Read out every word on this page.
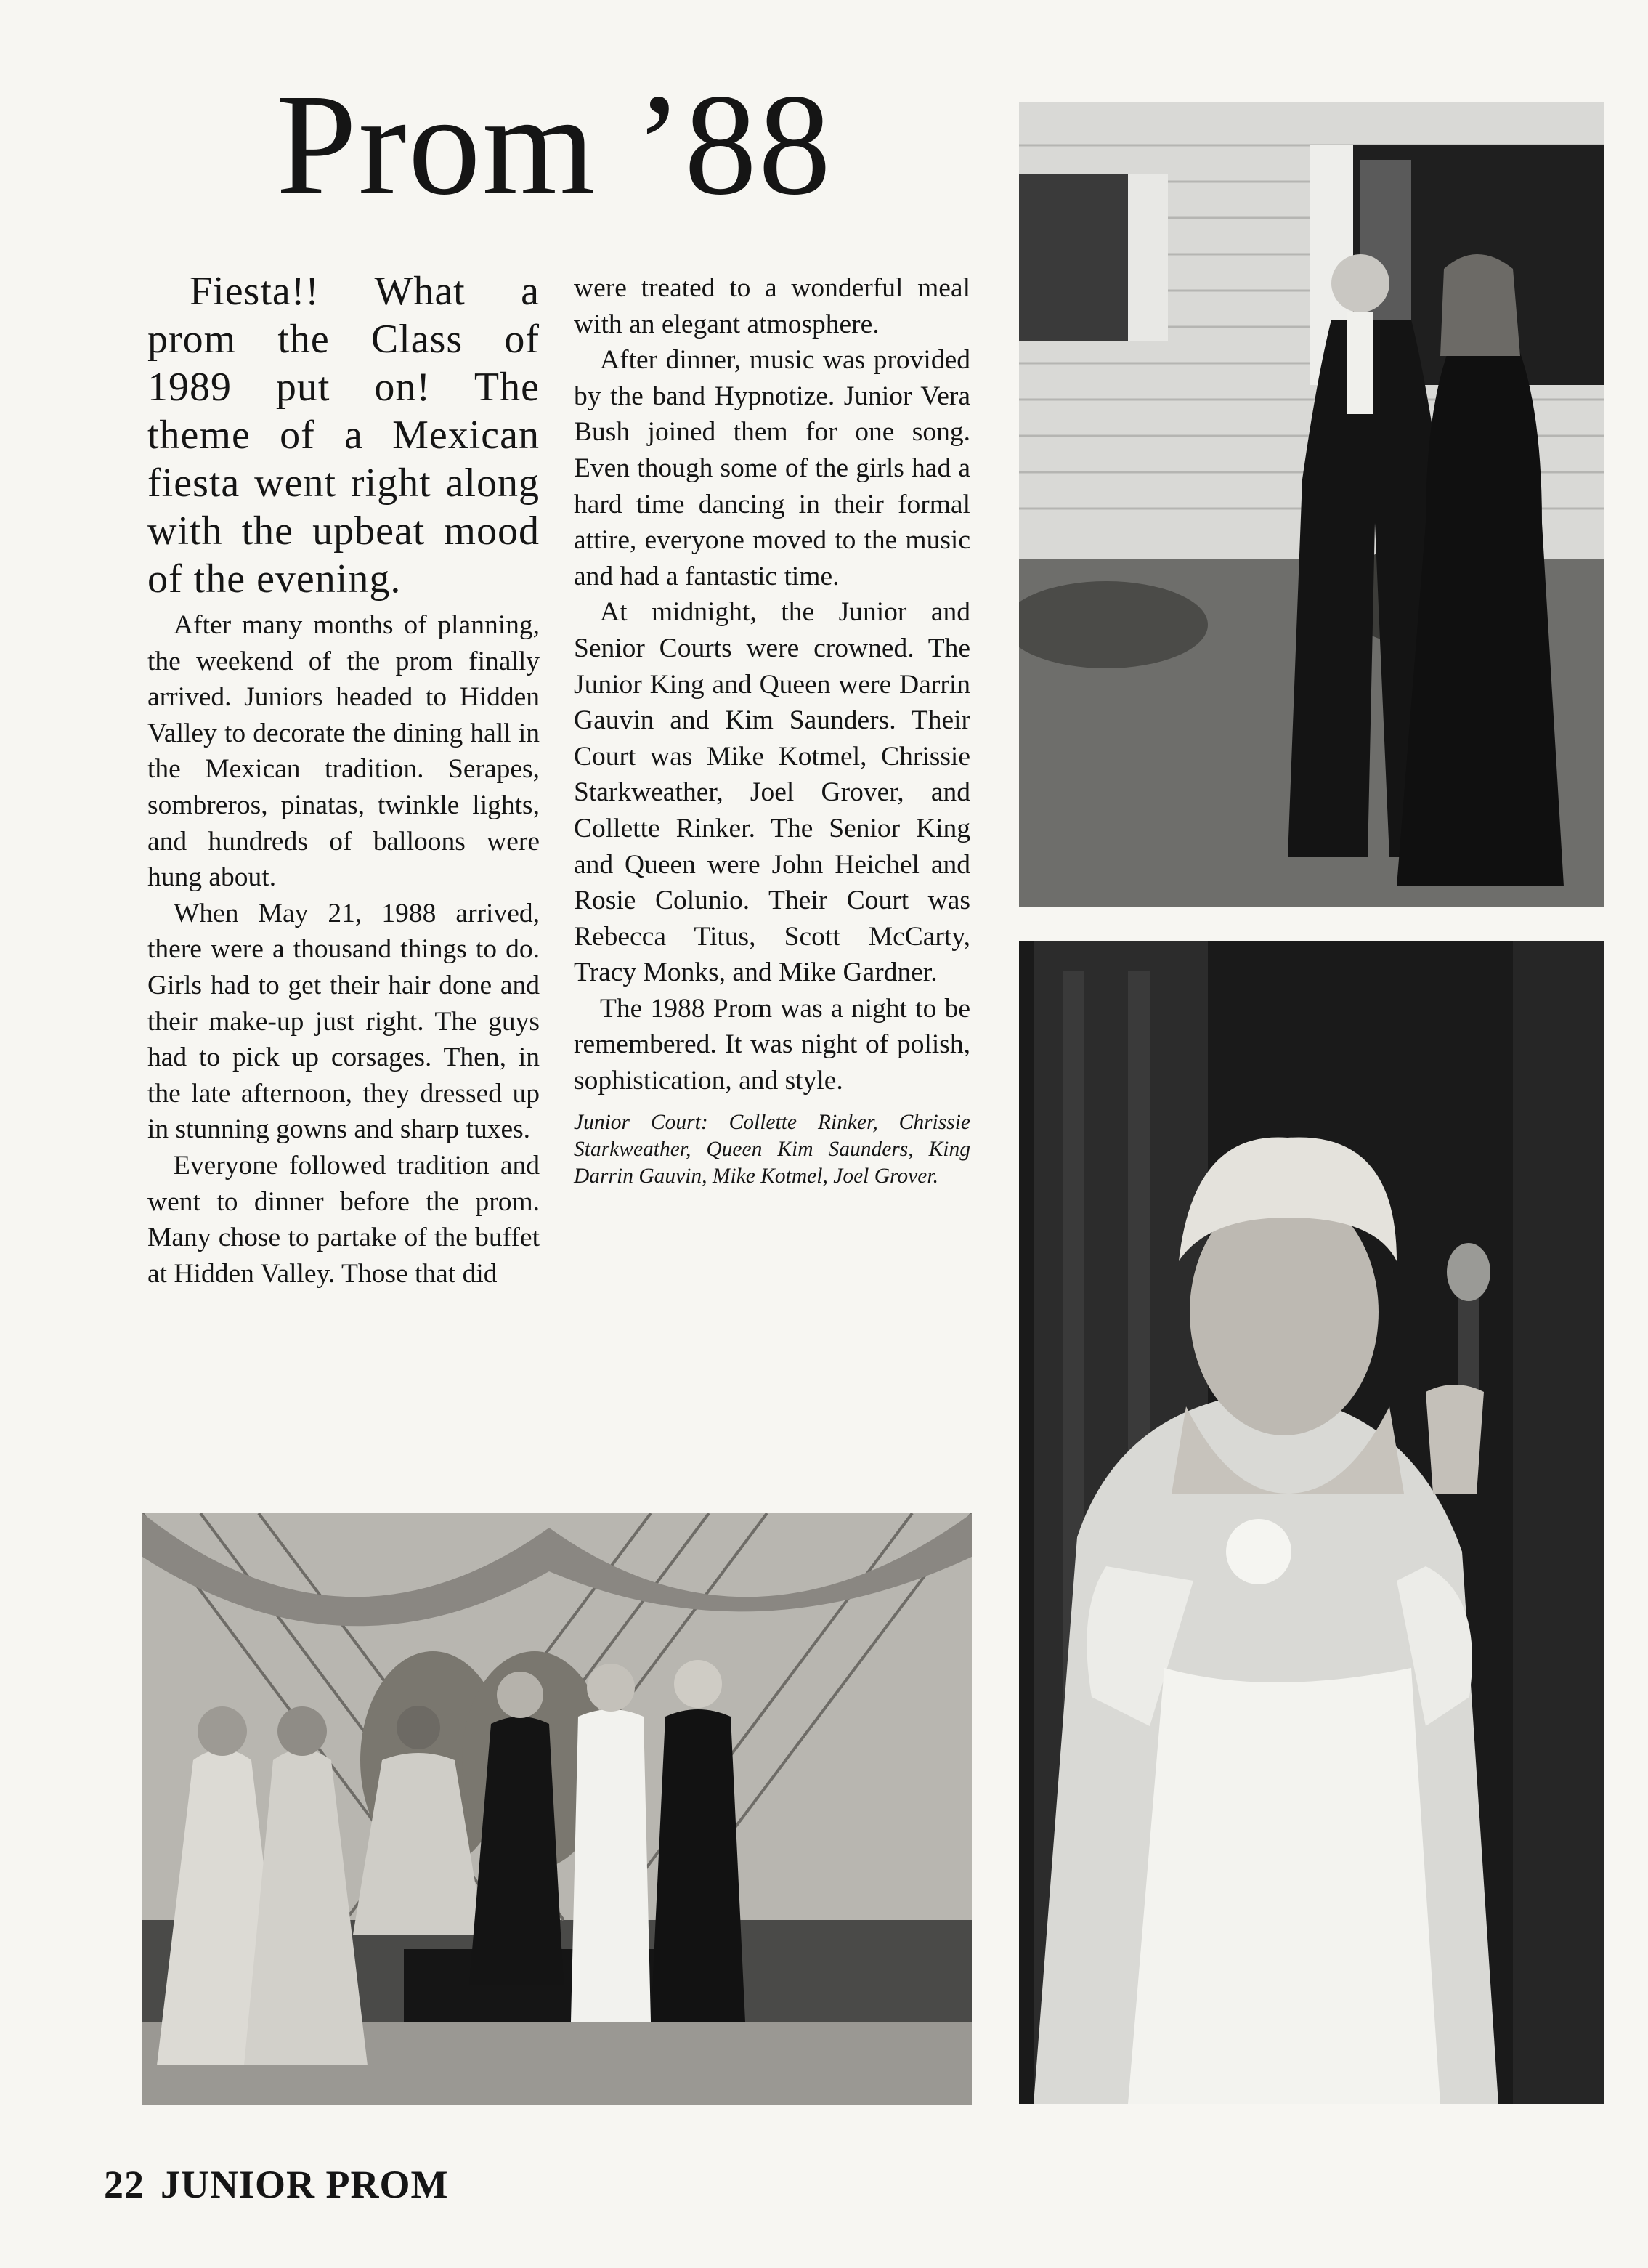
Prom ’88

Fiesta!! What a prom the Class of 1989 put on! The theme of a Mexican fiesta went right along with the upbeat mood of the evening.

After many months of planning, the weekend of the prom finally arrived. Juniors headed to Hidden Valley to decorate the dining hall in the Mexican tradition. Serapes, sombreros, pinatas, twinkle lights, and hundreds of balloons were hung about.

When May 21, 1988 arrived, there were a thousand things to do. Girls had to get their hair done and their make-up just right. The guys had to pick up corsages. Then, in the late afternoon, they dressed up in stunning gowns and sharp tuxes.

Everyone followed tradition and went to dinner before the prom. Many chose to partake of the buffet at Hidden Valley. Those that did

were treated to a wonderful meal with an elegant atmosphere.

After dinner, music was provided by the band Hypnotize. Junior Vera Bush joined them for one song. Even though some of the girls had a hard time dancing in their formal attire, everyone moved to the music and had a fantastic time.

At midnight, the Junior and Senior Courts were crowned. The Junior King and Queen were Darrin Gauvin and Kim Saunders. Their Court was Mike Kotmel, Chrissie Starkweather, Joel Grover, and Collette Rinker. The Senior King and Queen were John Heichel and Rosie Colunio. Their Court was Rebecca Titus, Scott McCarty, Tracy Monks, and Mike Gardner.

The 1988 Prom was a night to be remembered. It was night of polish, sophistication, and style.

Junior Court: Collette Rinker, Chrissie Starkweather, Queen Kim Saunders, King Darrin Gauvin, Mike Kotmel, Joel Grover.

22 JUNIOR PROM
